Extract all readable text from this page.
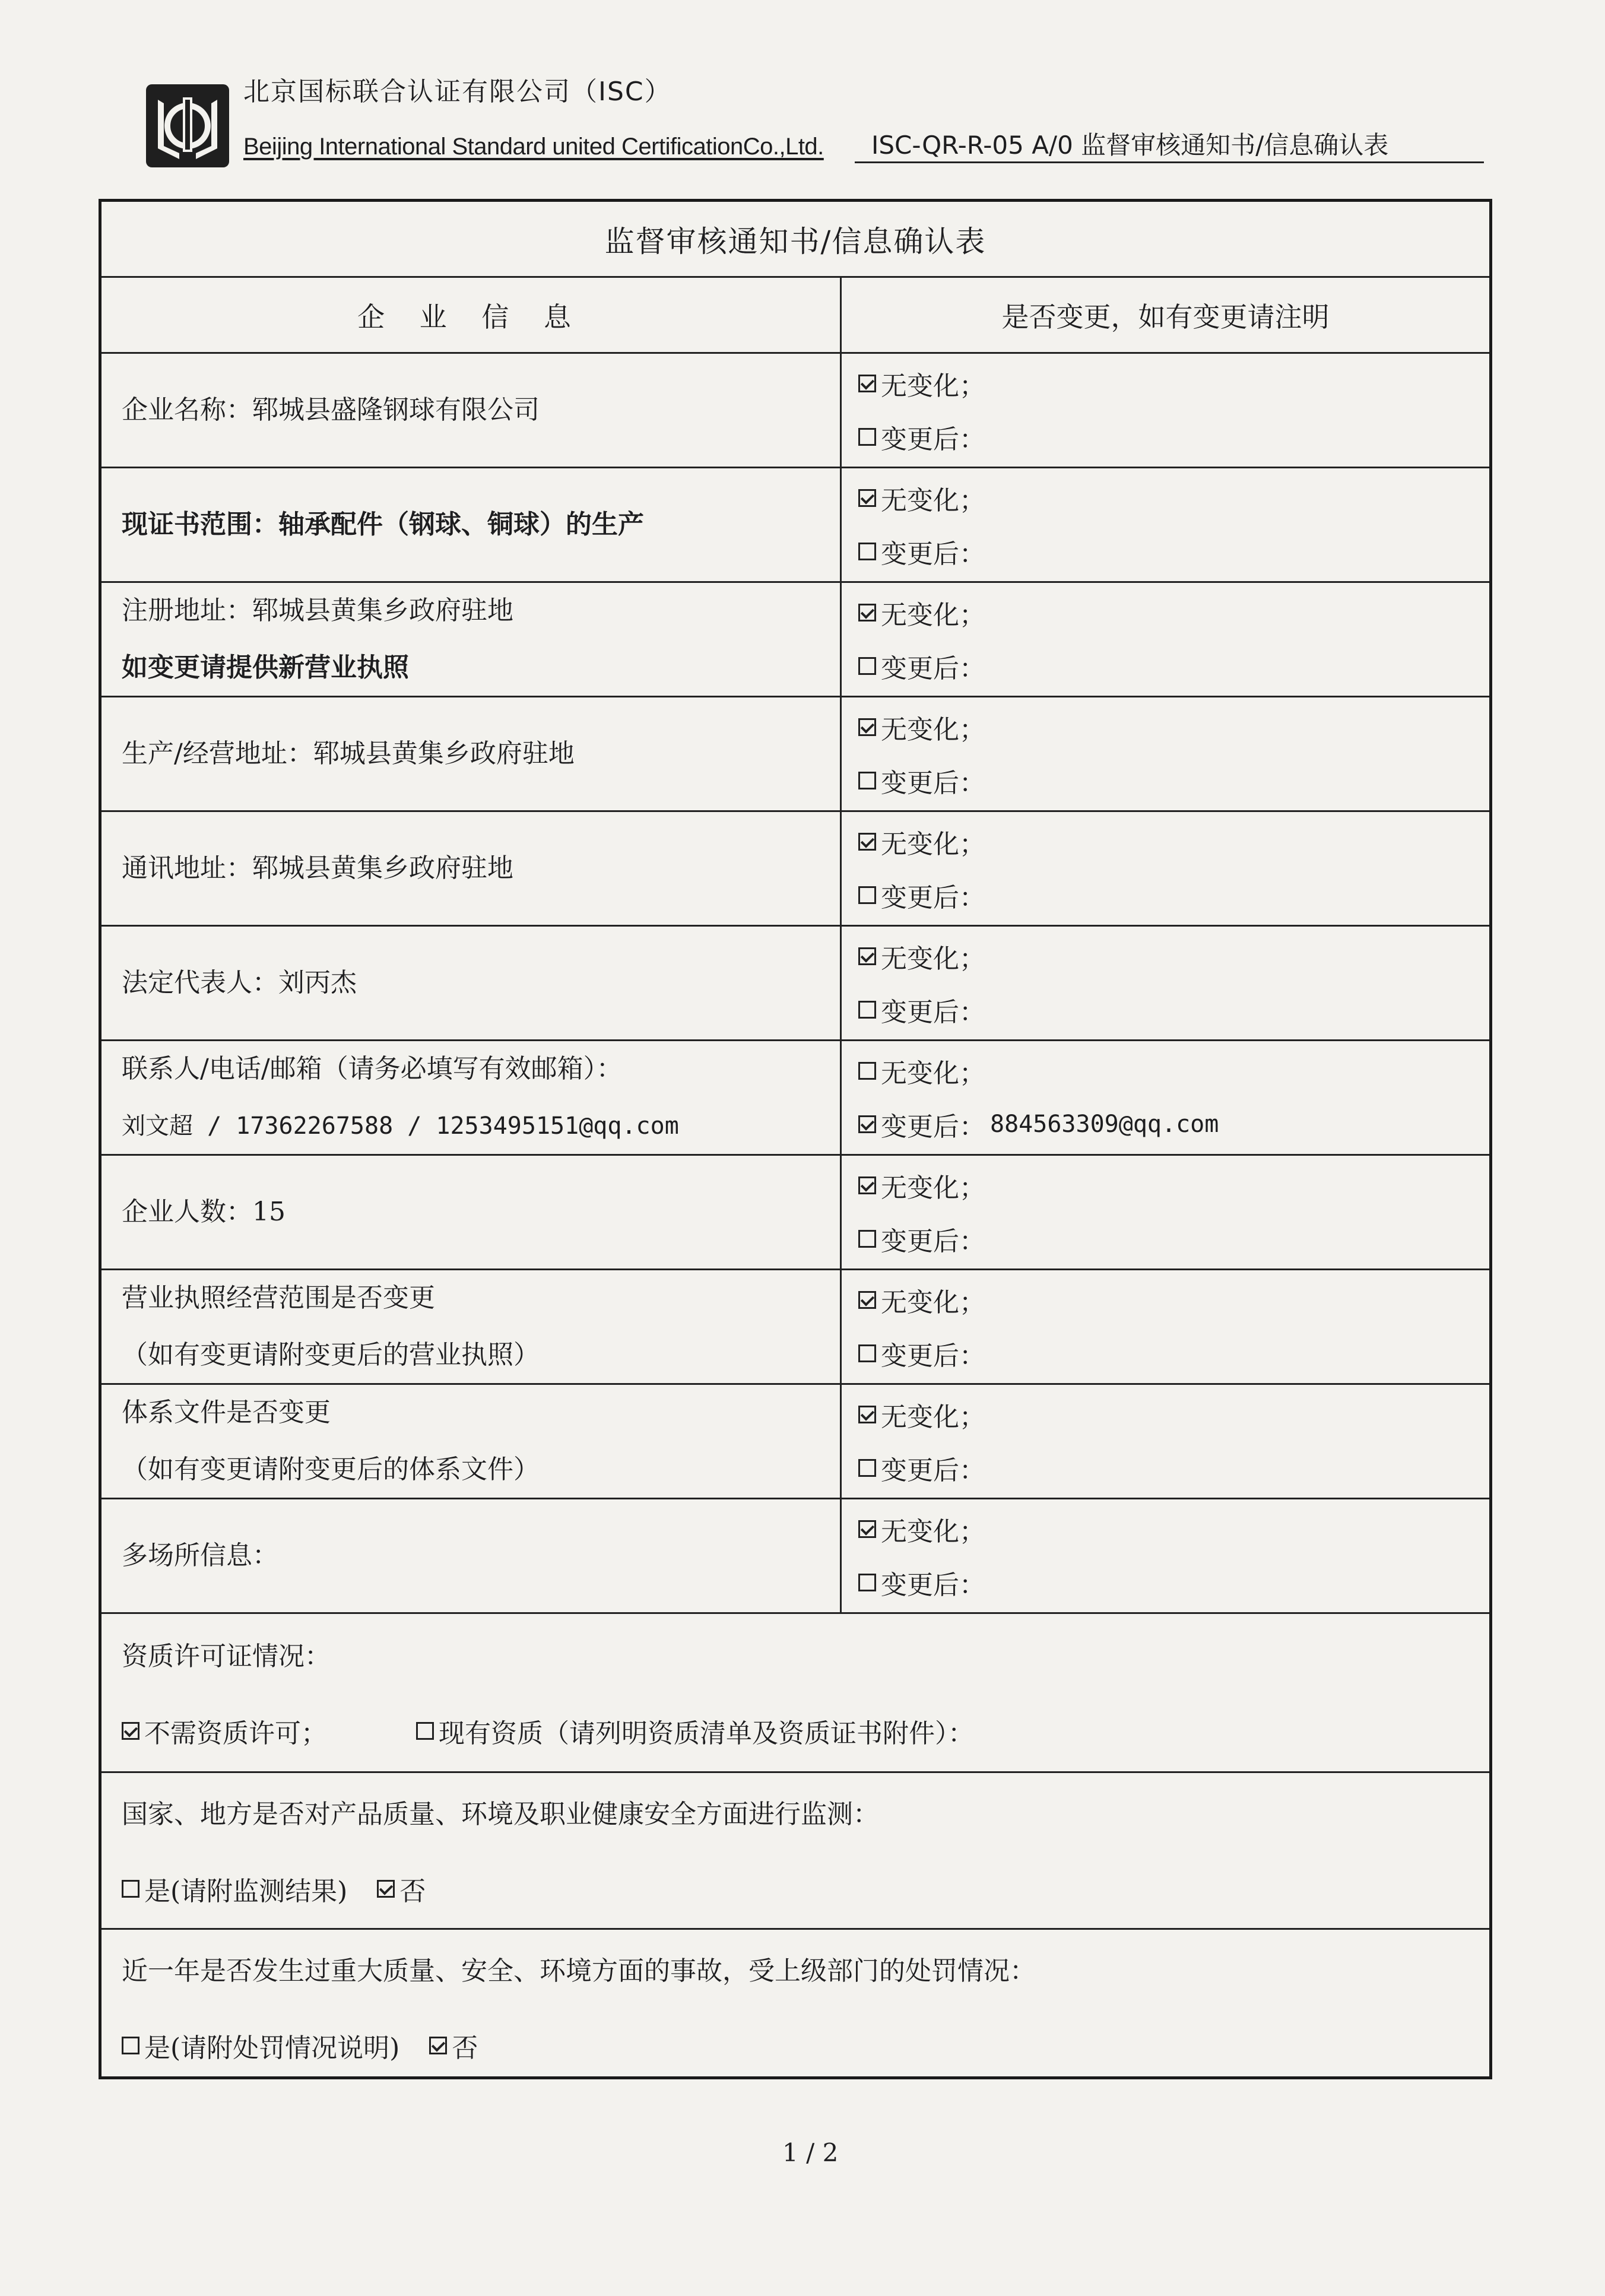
北京国标联合认证有限公司（ISC）
Beijing International Standard united CertificationCo.,Ltd. ISC-QR-R-05 A/0 监督审核通知书/信息确认表
监督审核通知书/信息确认表
企 业 信 息	是否变更，如有变更请注明
企业名称：郓城县盛隆钢球有限公司
无变化；
变更后：
现证书范围：轴承配件（钢球、铜球）的生产
无变化；
变更后：
注册地址：郓城县黄集乡政府驻地
如变更请提供新营业执照
无变化；
变更后：
生产/经营地址：郓城县黄集乡政府驻地
无变化；
变更后：
通讯地址：郓城县黄集乡政府驻地
无变化；
变更后：
法定代表人：刘丙杰
无变化；
变更后：
联系人/电话/邮箱（请务必填写有效邮箱）：
刘文超 / 17362267588 / 1253495151@qq.com
无变化；
变更后： 884563309@qq.com
企业人数：15
无变化；
变更后：
营业执照经营范围是否变更
（如有变更请附变更后的营业执照）
无变化；
变更后：
体系文件是否变更
（如有变更请附变更后的体系文件）
无变化；
变更后：
多场所信息：
无变化；
变更后：
资质许可证情况：
不需资质许可；	现有资质（请列明资质清单及资质证书附件）：
国家、地方是否对产品质量、环境及职业健康安全方面进行监测：
是(请附监测结果) 否
近一年是否发生过重大质量、安全、环境方面的事故，受上级部门的处罚情况：
是(请附处罚情况说明) 否
1 / 2
